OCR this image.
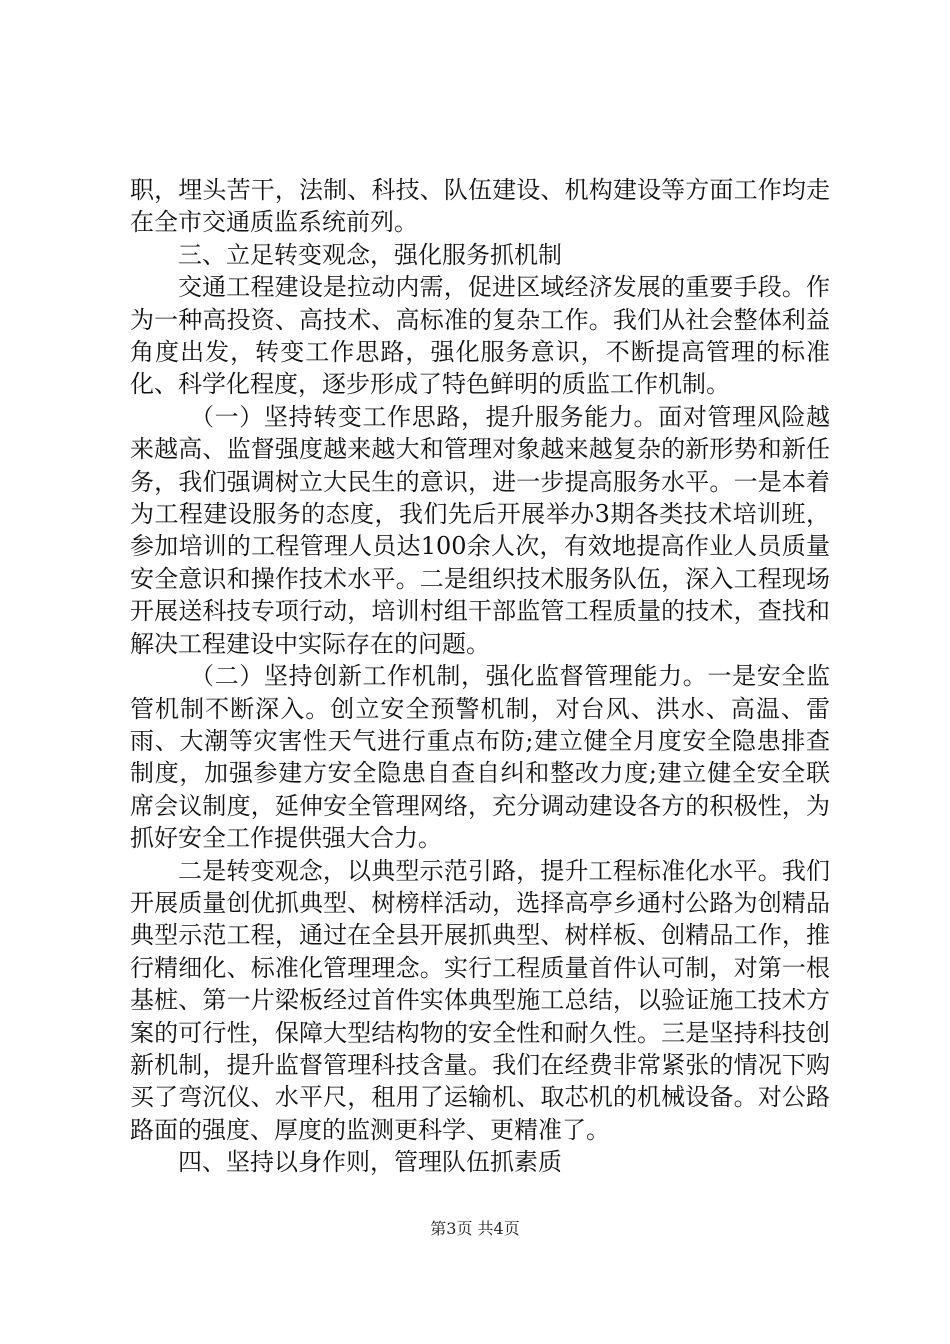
职，埋头苦干，法制、科技、队伍建设、机构建设等方面工作均走在全市交通质监系统前列。

三、立足转变观念，强化服务抓机制

交通工程建设是拉动内需，促进区域经济发展的重要手段。作为一种高投资、高技术、高标准的复杂工作。我们从社会整体利益角度出发，转变工作思路，强化服务意识，不断提高管理的标准化、科学化程度，逐步形成了特色鲜明的质监工作机制。

（一）坚持转变工作思路，提升服务能力。面对管理风险越来越高、监督强度越来越大和管理对象越来越复杂的新形势和新任务，我们强调树立大民生的意识，进一步提高服务水平。一是本着为工程建设服务的态度，我们先后开展举办3期各类技术培训班，参加培训的工程管理人员达100余人次，有效地提高作业人员质量安全意识和操作技术水平。二是组织技术服务队伍，深入工程现场开展送科技专项行动，培训村组干部监管工程质量的技术，查找和解决工程建设中实际存在的问题。

（二）坚持创新工作机制，强化监督管理能力。一是安全监管机制不断深入。创立安全预警机制，对台风、洪水、高温、雷雨、大潮等灾害性天气进行重点布防;建立健全月度安全隐患排查制度，加强参建方安全隐患自查自纠和整改力度;建立健全安全联席会议制度，延伸安全管理网络，充分调动建设各方的积极性，为抓好安全工作提供强大合力。

二是转变观念，以典型示范引路，提升工程标准化水平。我们开展质量创优抓典型、树榜样活动，选择高亭乡通村公路为创精品典型示范工程，通过在全县开展抓典型、树样板、创精品工作，推行精细化、标准化管理理念。实行工程质量首件认可制，对第一根基桩、第一片梁板经过首件实体典型施工总结，以验证施工技术方案的可行性，保障大型结构物的安全性和耐久性。三是坚持科技创新机制，提升监督管理科技含量。我们在经费非常紧张的情况下购买了弯沉仪、水平尺，租用了运输机、取芯机的机械设备。对公路路面的强度、厚度的监测更科学、更精准了。

四、坚持以身作则，管理队伍抓素质

第3页 共4页
